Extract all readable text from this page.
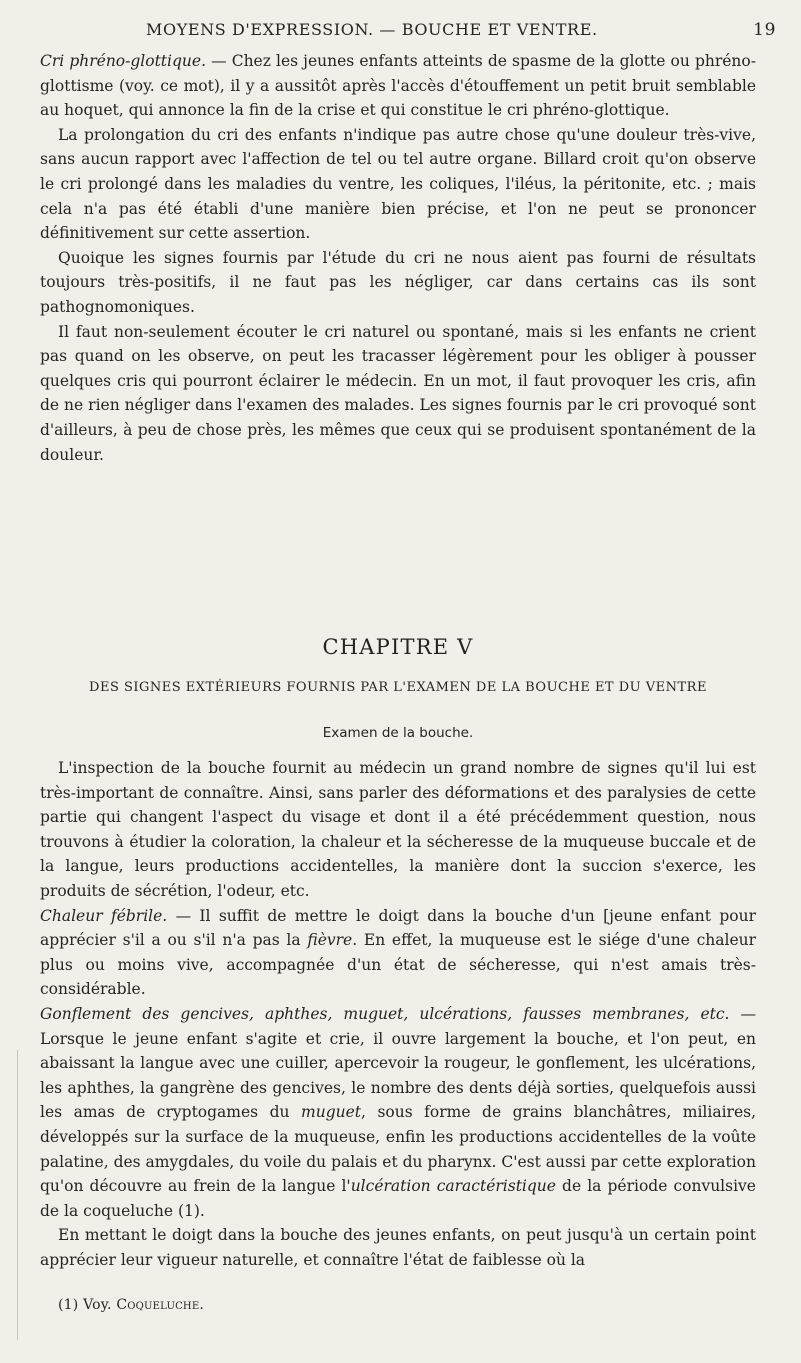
MOYENS D'EXPRESSION. — BOUCHE ET VENTRE.	19

Cri phréno-glottique. — Chez les jeunes enfants atteints de spasme de la glotte ou phréno-glottisme (voy. ce mot), il y a aussitôt après l'accès d'étouffement un petit bruit semblable au hoquet, qui annonce la fin de la crise et qui constitue le cri phréno-glottique.

La prolongation du cri des enfants n'indique pas autre chose qu'une douleur très-vive, sans aucun rapport avec l'affection de tel ou tel autre organe. Billard croit qu'on observe le cri prolongé dans les maladies du ventre, les coliques, l'iléus, la péritonite, etc. ; mais cela n'a pas été établi d'une manière bien précise, et l'on ne peut se prononcer définitivement sur cette assertion.

Quoique les signes fournis par l'étude du cri ne nous aient pas fourni de résultats toujours très-positifs, il ne faut pas les négliger, car dans certains cas ils sont pathognomoniques.

Il faut non-seulement écouter le cri naturel ou spontané, mais si les enfants ne crient pas quand on les observe, on peut les tracasser légèrement pour les obliger à pousser quelques cris qui pourront éclairer le médecin. En un mot, il faut provoquer les cris, afin de ne rien négliger dans l'examen des malades. Les signes fournis par le cri provoqué sont d'ailleurs, à peu de chose près, les mêmes que ceux qui se produisent spontanément de la douleur.

CHAPITRE V
DES SIGNES EXTÉRIEURS FOURNIS PAR L'EXAMEN DE LA BOUCHE ET DU VENTRE
Examen de la bouche.

L'inspection de la bouche fournit au médecin un grand nombre de signes qu'il lui est très-important de connaître. Ainsi, sans parler des déformations et des paralysies de cette partie qui changent l'aspect du visage et dont il a été précédemment question, nous trouvons à étudier la coloration, la chaleur et la sécheresse de la muqueuse buccale et de la langue, leurs productions accidentelles, la manière dont la succion s'exerce, les produits de sécrétion, l'odeur, etc.

Chaleur fébrile. — Il suffit de mettre le doigt dans la bouche d'un [jeune enfant pour apprécier s'il a ou s'il n'a pas la fièvre. En effet, la muqueuse est le siége d'une chaleur plus ou moins vive, accompagnée d'un état de sécheresse, qui n'est amais très-considérable.

Gonflement des gencives, aphthes, muguet, ulcérations, fausses membranes, etc. — Lorsque le jeune enfant s'agite et crie, il ouvre largement la bouche, et l'on peut, en abaissant la langue avec une cuiller, apercevoir la rougeur, le gonflement, les ulcérations, les aphthes, la gangrène des gencives, le nombre des dents déjà sorties, quelquefois aussi les amas de cryptogames du muguet, sous forme de grains blanchâtres, miliaires, développés sur la surface de la muqueuse, enfin les productions accidentelles de la voûte palatine, des amygdales, du voile du palais et du pharynx. C'est aussi par cette exploration qu'on découvre au frein de la langue l'ulcération caractéristique de la période convulsive de la coqueluche (1).

En mettant le doigt dans la bouche des jeunes enfants, on peut jusqu'à un certain point apprécier leur vigueur naturelle, et connaître l'état de faiblesse où la

(1) Voy. Coqueluche.
